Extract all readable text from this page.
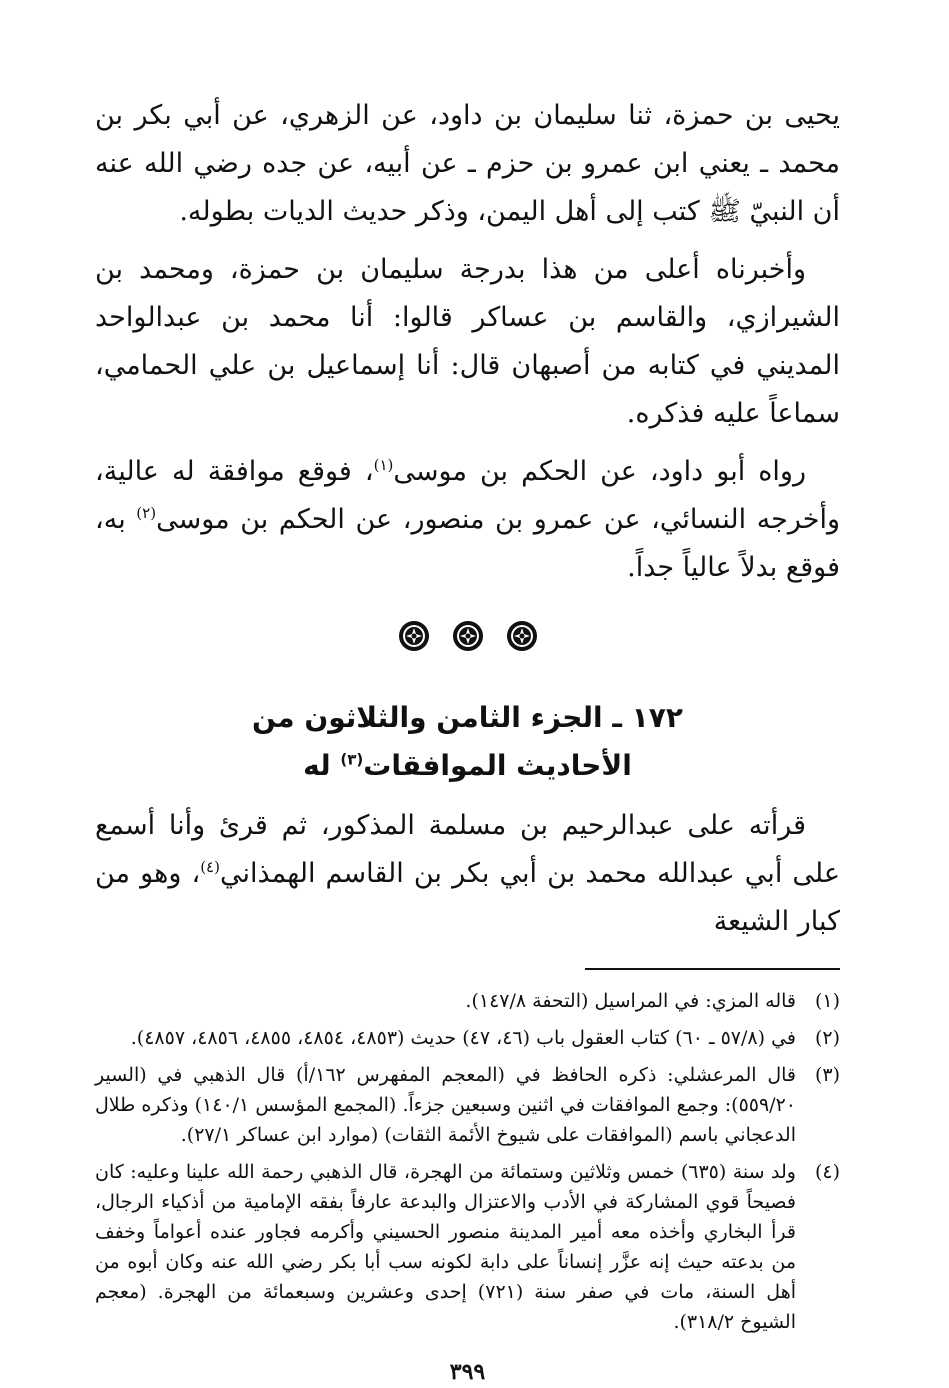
يحيى بن حمزة، ثنا سليمان بن داود، عن الزهري، عن أبي بكر بن محمد ـ يعني ابن عمرو بن حزم ـ عن أبيه، عن جده رضي الله عنه أن النبيّ ﷺ كتب إلى أهل اليمن، وذكر حديث الديات بطوله.

وأخبرناه أعلى من هذا بدرجة سليمان بن حمزة، ومحمد بن الشيرازي، والقاسم بن عساكر قالوا: أنا محمد بن عبدالواحد المديني في كتابه من أصبهان قال: أنا إسماعيل بن علي الحمامي، سماعاً عليه فذكره.

رواه أبو داود، عن الحكم بن موسى$^{(١)}$، فوقع موافقة له عالية، وأخرجه النسائي، عن عمرو بن منصور، عن الحكم بن موسى$^{(٢)}$ به، فوقع بدلاً عالياً جداً.

١٧٢ ـ الجزء الثامن والثلاثون من
الأحاديث الموافقات$^{(٣)}$ له

قرأته على عبدالرحيم بن مسلمة المذكور، ثم قرئ وأنا أسمع على أبي عبدالله محمد بن أبي بكر بن القاسم الهمذاني$^{(٤)}$، وهو من كبار الشيعة

(١)
قاله المزي: في المراسيل (التحفة ١٤٧/٨).
(٢)
في (٥٧/٨ ـ ٦٠) كتاب العقول باب (٤٦، ٤٧) حديث (٤٨٥٣، ٤٨٥٤، ٤٨٥٥، ٤٨٥٦، ٤٨٥٧).
(٣)
قال المرعشلي: ذكره الحافظ في (المعجم المفهرس ١٦٢/أ) قال الذهبي في (السير ٥٥٩/٢٠): وجمع الموافقات في اثنين وسبعين جزءاً. (المجمع المؤسس ١٤٠/١) وذكره طلال الدعجاني باسم (الموافقات على شيوخ الأئمة الثقات) (موارد ابن عساكر ٢٧/١).
(٤)
ولد سنة (٦٣٥) خمس وثلاثين وستمائة من الهجرة، قال الذهبي رحمة الله علينا وعليه: كان فصيحاً قوي المشاركة في الأدب والاعتزال والبدعة عارفاً بفقه الإمامية من أذكياء الرجال، قرأ البخاري وأخذه معه أمير المدينة منصور الحسيني وأكرمه فجاور عنده أعواماً وخفف من بدعته حيث إنه عزَّر إنساناً على دابة لكونه سب أبا بكر رضي الله عنه وكان أبوه من أهل السنة، مات في صفر سنة (٧٢١) إحدى وعشرين وسبعمائة من الهجرة. (معجم الشيوخ ٣١٨/٢).
٣٩٩
